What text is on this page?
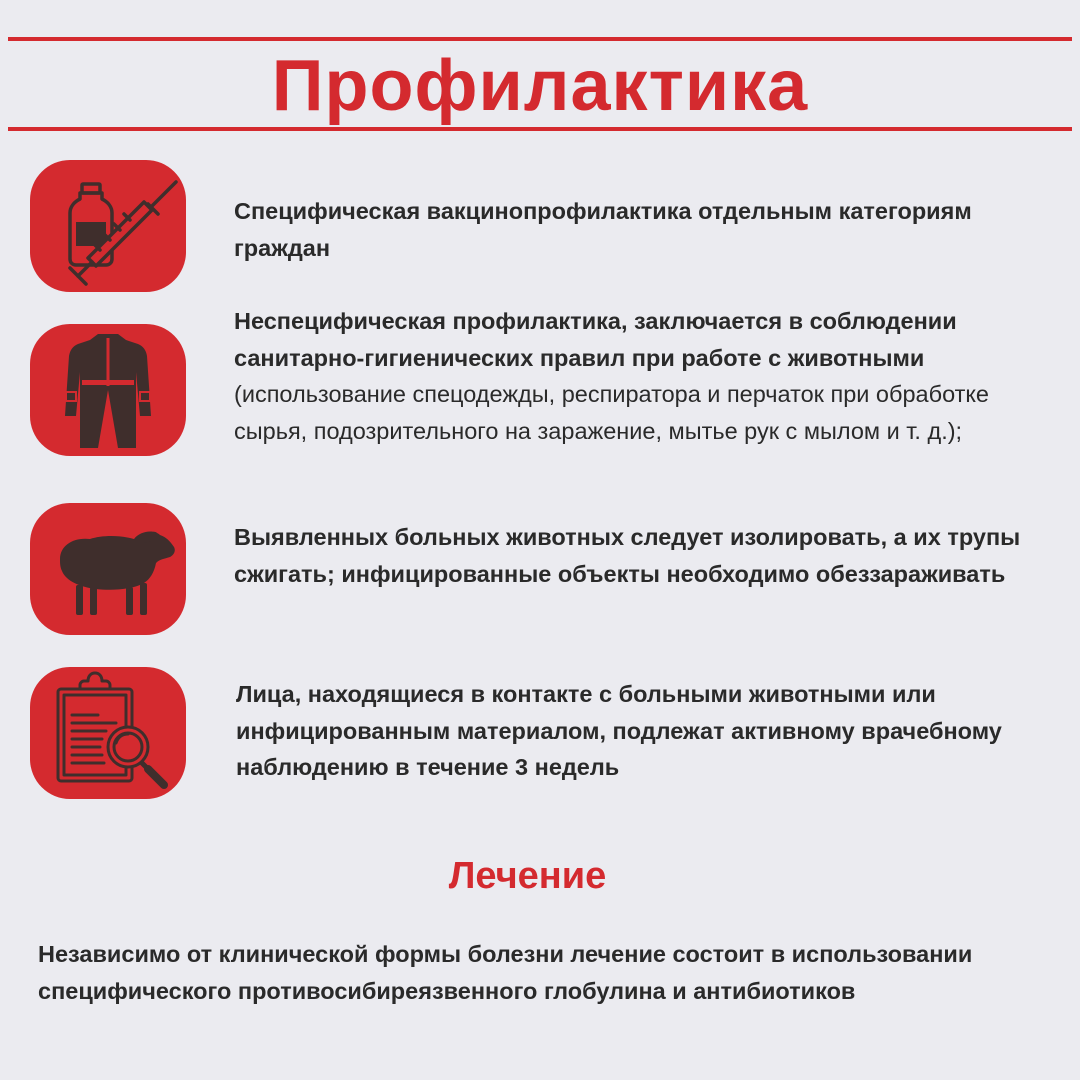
Профилактика
Специфическая вакцинопрофилактика отдельным категориям граждан
Неспецифическая профилактика, заключается в соблюдении санитарно-гигиенических правил при работе с животными (использование спецодежды, респиратора и перчаток при обработке сырья, подозрительного на заражение, мытье рук с мылом и т. д.);
Выявленных больных животных следует изолировать, а их трупы сжигать; инфицированные объекты необходимо обеззараживать
Лица, находящиеся в контакте с больными животными или инфицированным материалом, подлежат активному врачебному наблюдению в течение 3 недель
Лечение
Независимо от клинической формы болезни лечение состоит в использовании специфического противосибиреязвенного глобулина и антибиотиков
